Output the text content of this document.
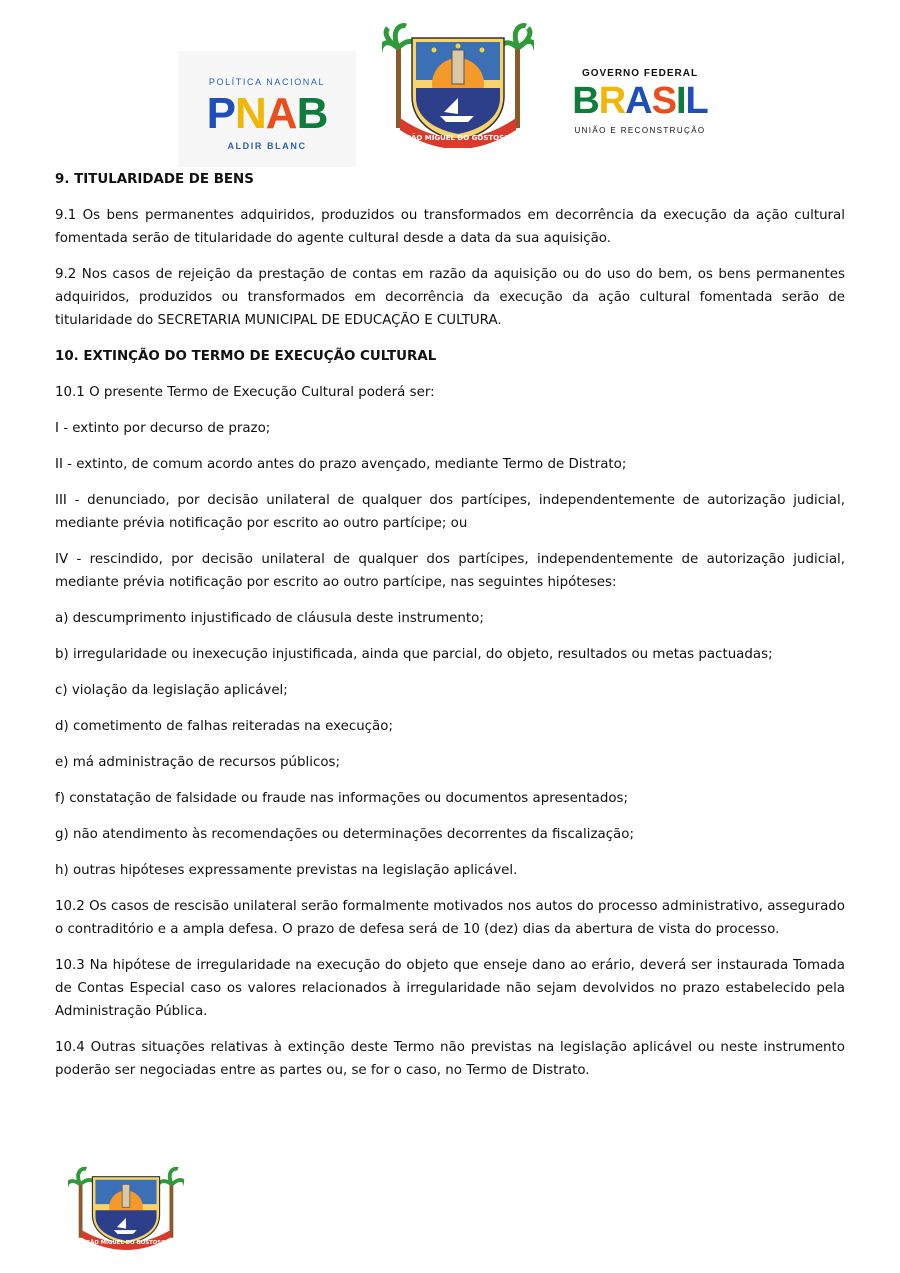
POLÍTICA NACIONAL
PNAB
ALDIR BLANC
SÃO MIGUEL DO GOSTOSO
GOVERNO FEDERAL
BRASIL
UNIÃO E RECONSTRUÇÃO
9. TITULARIDADE DE BENS

9.1 Os bens permanentes adquiridos, produzidos ou transformados em decorrência da execução da ação cultural fomentada serão de titularidade do agente cultural desde a data da sua aquisição.

9.2 Nos casos de rejeição da prestação de contas em razão da aquisição ou do uso do bem, os bens permanentes adquiridos, produzidos ou transformados em decorrência da execução da ação cultural fomentada serão de titularidade do SECRETARIA MUNICIPAL DE EDUCAÇÃO E CULTURA.

10. EXTINÇÃO DO TERMO DE EXECUÇÃO CULTURAL

10.1 O presente Termo de Execução Cultural poderá ser:

I - extinto por decurso de prazo;

II - extinto, de comum acordo antes do prazo avençado, mediante Termo de Distrato;

III - denunciado, por decisão unilateral de qualquer dos partícipes, independentemente de autorização judicial, mediante prévia notificação por escrito ao outro partícipe; ou

IV - rescindido, por decisão unilateral de qualquer dos partícipes, independentemente de autorização judicial, mediante prévia notificação por escrito ao outro partícipe, nas seguintes hipóteses:

a) descumprimento injustificado de cláusula deste instrumento;

b) irregularidade ou inexecução injustificada, ainda que parcial, do objeto, resultados ou metas pactuadas;

c) violação da legislação aplicável;

d) cometimento de falhas reiteradas na execução;

e) má administração de recursos públicos;

f) constatação de falsidade ou fraude nas informações ou documentos apresentados;

g) não atendimento às recomendações ou determinações decorrentes da fiscalização;

h) outras hipóteses expressamente previstas na legislação aplicável.

10.2 Os casos de rescisão unilateral serão formalmente motivados nos autos do processo administrativo, assegurado o contraditório e a ampla defesa. O prazo de defesa será de 10 (dez) dias da abertura de vista do processo.

10.3 Na hipótese de irregularidade na execução do objeto que enseje dano ao erário, deverá ser instaurada Tomada de Contas Especial caso os valores relacionados à irregularidade não sejam devolvidos no prazo estabelecido pela Administração Pública.

10.4 Outras situações relativas à extinção deste Termo não previstas na legislação aplicável ou neste instrumento poderão ser negociadas entre as partes ou, se for o caso, no Termo de Distrato.

SÃO MIGUEL DO GOSTOSO
